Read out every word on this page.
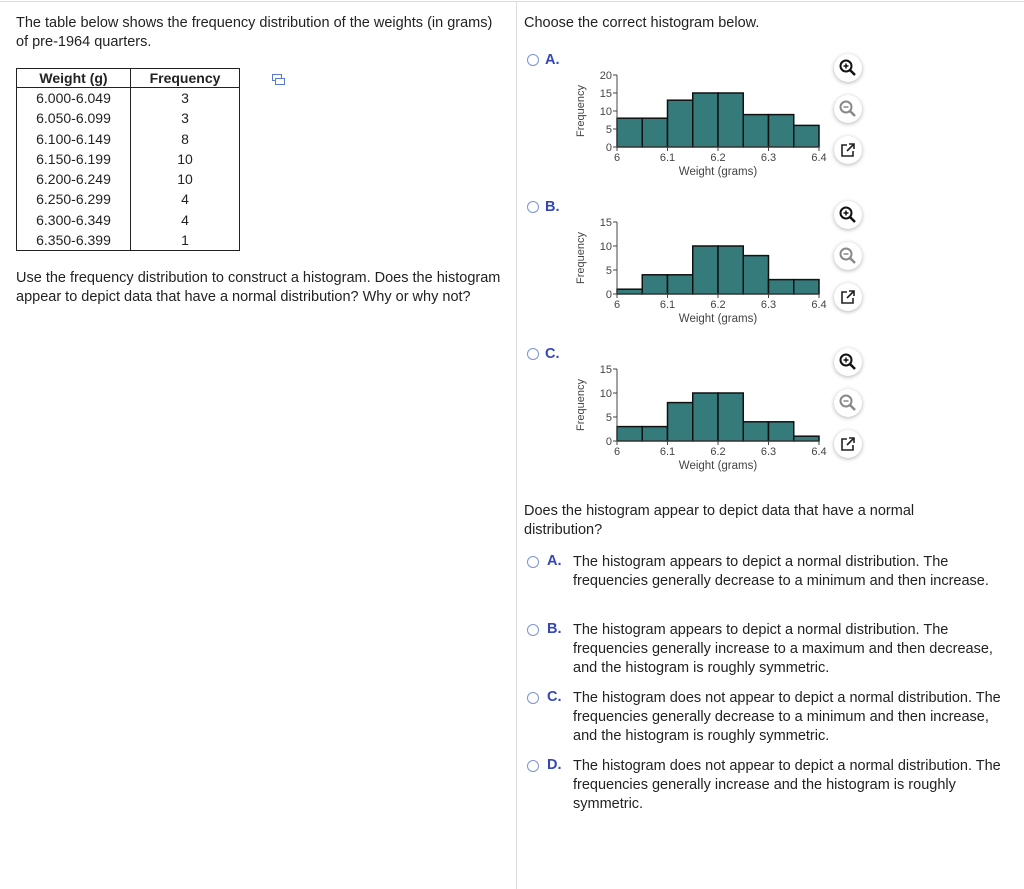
The table below shows the frequency distribution of the weights (in grams) of pre-1964 quarters.

Weight (g)	Frequency
6.000-6.049	3
6.050-6.099	3
6.100-6.149	8
6.150-6.199	10
6.200-6.249	10
6.250-6.299	4
6.300-6.349	4
6.350-6.399	1

Use the frequency distribution to construct a histogram. Does the histogram appear to depict data that have a normal distribution? Why or why not?

Choose the correct histogram below.

A.
0
5
10
15
20
6	6.1	6.2	6.3	6.4
Weight (grams)
Frequency
B.
0
5
10
15
6	6.1	6.2	6.3	6.4
Weight (grams)
Frequency
C.
0
5
10
15
6	6.1	6.2	6.3	6.4
Weight (grams)
Frequency

Does the histogram appear to depict data that have a normal distribution?

A. The histogram appears to depict a normal distribution. The frequencies generally decrease to a minimum and then increase.

B. The histogram appears to depict a normal distribution. The frequencies generally increase to a maximum and then decrease, and the histogram is roughly symmetric.

C. The histogram does not appear to depict a normal distribution. The frequencies generally decrease to a minimum and then increase, and the histogram is roughly symmetric.

D. The histogram does not appear to depict a normal distribution. The frequencies generally increase and the histogram is roughly symmetric.
